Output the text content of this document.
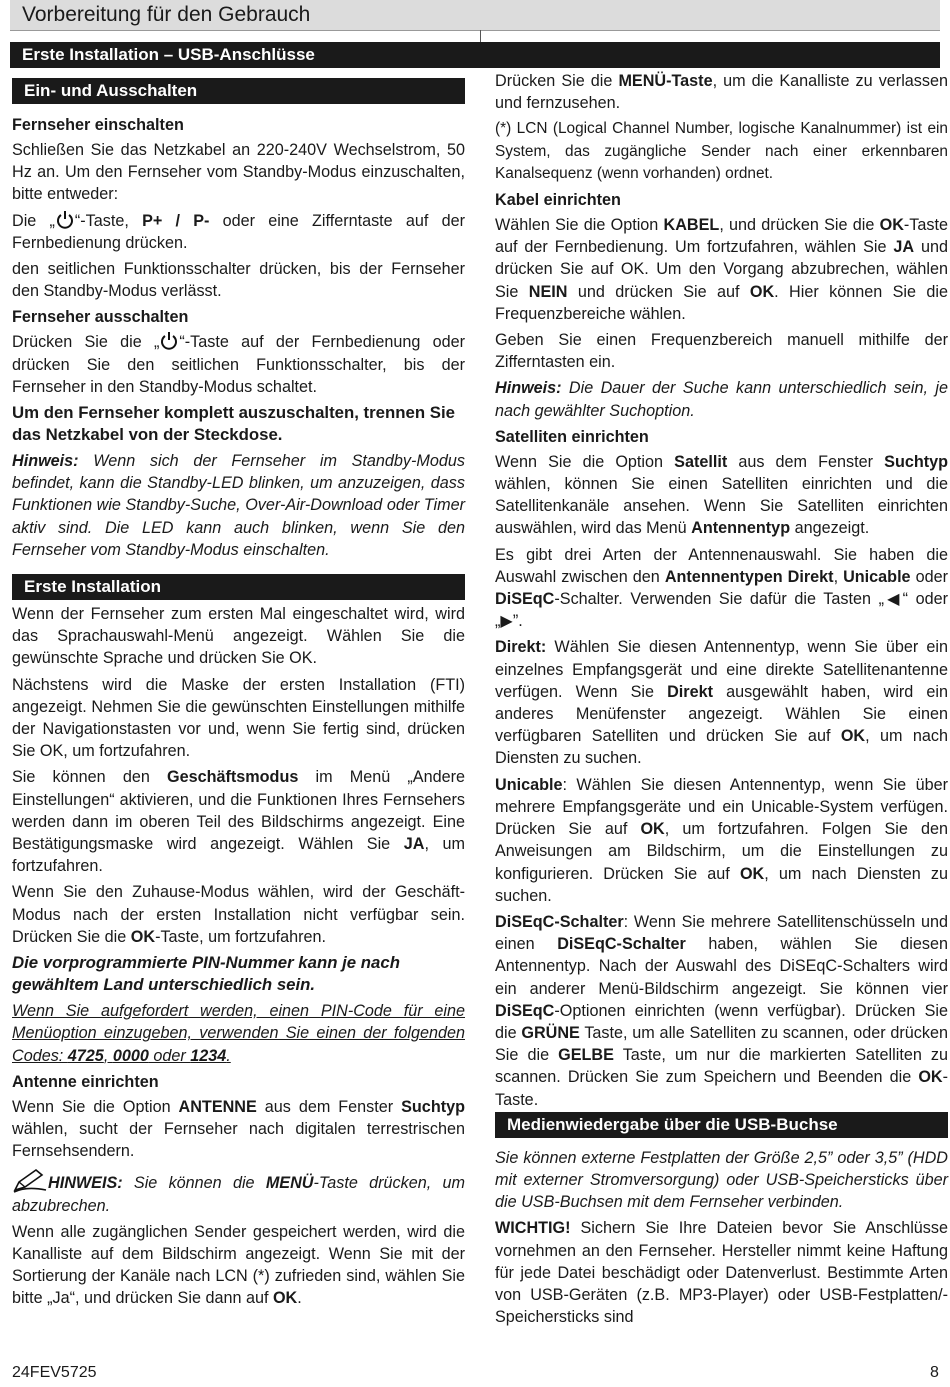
Vorbereitung für den Gebrauch
Erste Installation – USB-Anschlüsse
Ein- und Ausschalten
Erste Installation
Medienwiedergabe über die USB-Buchse
Fernseher einschalten

Schließen Sie das Netzkabel an 220-240V Wechselstrom, 50 Hz an. Um den Fernseher vom Standby-Modus einzuschalten, bitte entweder:

Die „ “-Taste, P+ / P- oder eine Zifferntaste auf der Fernbedienung drücken.

den seitlichen Funktionsschalter drücken, bis der Fernseher den Standby-Modus verlässt.

Fernseher ausschalten

Drücken Sie die „ “-Taste auf der Fernbedienung oder drücken Sie den seitlichen Funktionsschalter, bis der Fernseher in den Standby-Modus schaltet.

Um den Fernseher komplett auszuschalten, trennen Sie das Netzkabel von der Steckdose.

Hinweis: Wenn sich der Fernseher im Standby-Modus befindet, kann die Standby-LED blinken, um anzuzeigen, dass Funktionen wie Standby-Suche, Over-Air-Download oder Timer aktiv sind. Die LED kann auch blinken, wenn Sie den Fernseher vom Standby-Modus einschalten.

Wenn der Fernseher zum ersten Mal eingeschaltet wird, wird das Sprachauswahl-Menü angezeigt. Wählen Sie die gewünschte Sprache und drücken Sie OK.

Nächstens wird die Maske der ersten Installation (FTI) angezeigt. Nehmen Sie die gewünschten Einstellungen mithilfe der Navigationstasten vor und, wenn Sie fertig sind, drücken Sie OK, um fortzufahren.

Sie können den Geschäftsmodus im Menü „Andere Einstellungen“ aktivieren, und die Funktionen Ihres Fernsehers werden dann im oberen Teil des Bildschirms angezeigt. Eine Bestätigungsmaske wird angezeigt. Wählen Sie JA, um fortzufahren.

Wenn Sie den Zuhause-Modus wählen, wird der Geschäft-Modus nach der ersten Installation nicht verfügbar sein. Drücken Sie die OK-Taste, um fortzufahren.

Die vorprogrammierte PIN-Nummer kann je nach gewähltem Land unterschiedlich sein.

Wenn Sie aufgefordert werden, einen PIN-Code für eine Menüoption einzugeben, verwenden Sie einen der folgenden Codes: 4725, 0000 oder 1234.

Antenne einrichten

Wenn Sie die Option ANTENNE aus dem Fenster Suchtyp wählen, sucht der Fernseher nach digitalen terrestrischen Fernsehsendern.

HINWEIS: Sie können die MENÜ-Taste drücken, um abzubrechen.

Wenn alle zugänglichen Sender gespeichert werden, wird die Kanalliste auf dem Bildschirm angezeigt. Wenn Sie mit der Sortierung der Kanäle nach LCN (*) zufrieden sind, wählen Sie bitte „Ja“, und drücken Sie dann auf OK.

Drücken Sie die MENÜ-Taste, um die Kanalliste zu verlassen und fernzusehen.

(*) LCN (Logical Channel Number, logische Kanalnummer) ist ein System, das zugängliche Sender nach einer erkennbaren Kanalsequenz (wenn vorhanden) ordnet.

Kabel einrichten

Wählen Sie die Option KABEL, und drücken Sie die OK-Taste auf der Fernbedienung. Um fortzufahren, wählen Sie JA und drücken Sie auf OK. Um den Vorgang abzubrechen, wählen Sie NEIN und drücken Sie auf OK. Hier können Sie die Frequenzbereiche wählen.

Geben Sie einen Frequenzbereich manuell mithilfe der Zifferntasten ein.

Hinweis: Die Dauer der Suche kann unterschiedlich sein, je nach gewählter Suchoption.

Satelliten einrichten

Wenn Sie die Option Satellit aus dem Fenster Suchtyp wählen, können Sie einen Satelliten einrichten und die Satellitenkanäle ansehen. Wenn Sie Satelliten einrichten auswählen, wird das Menü Antennentyp angezeigt.

Es gibt drei Arten der Antennenauswahl. Sie haben die Auswahl zwischen den Antennentypen Direkt, Unicable oder DiSEqC-Schalter. Verwenden Sie dafür die Tasten „◀“ oder „▶”.

Direkt: Wählen Sie diesen Antennentyp, wenn Sie über ein einzelnes Empfangsgerät und eine direkte Satellitenantenne verfügen. Wenn Sie Direkt ausgewählt haben, wird ein anderes Menüfenster angezeigt. Wählen Sie einen verfügbaren Satelliten und drücken Sie auf OK, um nach Diensten zu suchen.

Unicable: Wählen Sie diesen Antennentyp, wenn Sie über mehrere Empfangsgeräte und ein Unicable-System verfügen. Drücken Sie auf OK, um fortzufahren. Folgen Sie den Anweisungen am Bildschirm, um die Einstellungen zu konfigurieren. Drücken Sie auf OK, um nach Diensten zu suchen.

DiSEqC-Schalter: Wenn Sie mehrere Satellitenschüsseln und einen DiSEqC-Schalter haben, wählen Sie diesen Antennentyp. Nach der Auswahl des DiSEqC-Schalters wird ein anderer Menü-Bildschirm angezeigt. Sie können vier DiSEqC-Optionen einrichten (wenn verfügbar). Drücken Sie die GRÜNE Taste, um alle Satelliten zu scannen, oder drücken Sie die GELBE Taste, um nur die markierten Satelliten zu scannen. Drücken Sie zum Speichern und Beenden die OK-Taste.

Sie können externe Festplatten der Größe 2,5” oder 3,5” (HDD mit externer Stromversorgung) oder USB-Speichersticks über die USB-Buchsen mit dem Fernseher verbinden.

WICHTIG! Sichern Sie Ihre Dateien bevor Sie Anschlüsse vornehmen an den Fernseher. Hersteller nimmt keine Haftung für jede Datei beschädigt oder Datenverlust. Bestimmte Arten von USB-Geräten (z.B. MP3-Player) oder USB-Festplatten/-Speichersticks sind

24FEV5725	8
